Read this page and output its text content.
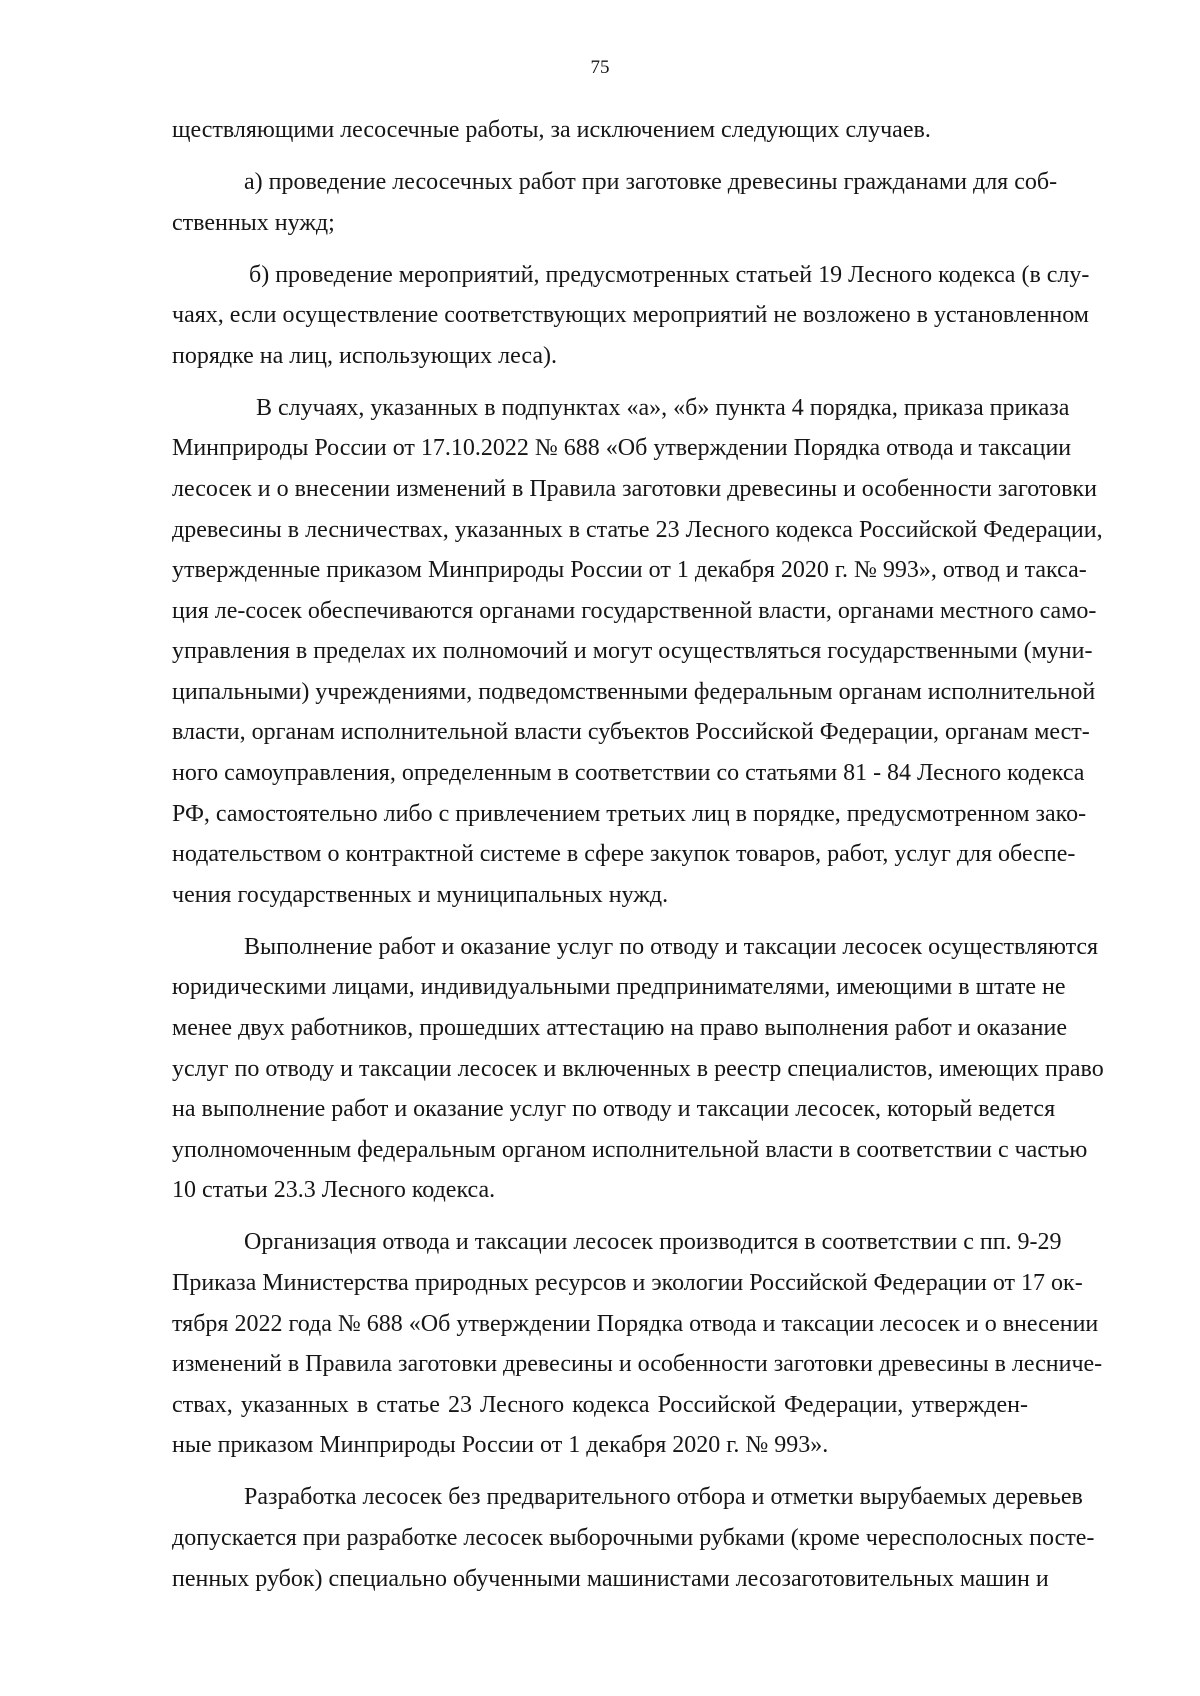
75
ществляющими лесосечные работы, за исключением следующих случаев.
а) проведение лесосечных работ при заготовке древесины гражданами для соб-
ственных нужд;
б) проведение мероприятий, предусмотренных статьей 19 Лесного кодекса (в слу-
чаях, если осуществление соответствующих мероприятий не возложено в установленном
порядке на лиц, использующих леса).
В случаях, указанных в подпунктах «а», «б» пункта 4 порядка, приказа приказа
Минприроды России от 17.10.2022 № 688 «Об утверждении Порядка отвода и таксации
лесосек и о внесении изменений в Правила заготовки древесины и особенности заготовки
древесины в лесничествах, указанных в статье 23 Лесного кодекса Российской Федерации,
утвержденные приказом Минприроды России от 1 декабря 2020 г. № 993», отвод и такса-
ция ле-сосек обеспечиваются органами государственной власти, органами местного само-
управления в пределах их полномочий и могут осуществляться государственными (муни-
ципальными) учреждениями, подведомственными федеральным органам исполнительной
власти, органам исполнительной власти субъектов Российской Федерации, органам мест-
ного самоуправления, определенным в соответствии со статьями 81 - 84 Лесного кодекса
РФ, самостоятельно либо с привлечением третьих лиц в порядке, предусмотренном зако-
нодательством о контрактной системе в сфере закупок товаров, работ, услуг для обеспе-
чения государственных и муниципальных нужд.
Выполнение работ и оказание услуг по отводу и таксации лесосек осуществляются
юридическими лицами, индивидуальными предпринимателями, имеющими в штате не
менее двух работников, прошедших аттестацию на право выполнения работ и оказание
услуг по отводу и таксации лесосек и включенных в реестр специалистов, имеющих право
на выполнение работ и оказание услуг по отводу и таксации лесосек, который ведется
уполномоченным федеральным органом исполнительной власти в соответствии с частью
10 статьи 23.3 Лесного кодекса.
Организация отвода и таксации лесосек производится в соответствии с пп. 9-29
Приказа Министерства природных ресурсов и экологии Российской Федерации от 17 ок-
тября 2022 года № 688 «Об утверждении Порядка отвода и таксации лесосек и о внесении
изменений в Правила заготовки древесины и особенности заготовки древесины в лесниче-
ствах, указанных в статье 23 Лесного кодекса Российской Федерации, утвержден-
ные приказом Минприроды России от 1 декабря 2020 г. № 993».
Разработка лесосек без предварительного отбора и отметки вырубаемых деревьев
допускается при разработке лесосек выборочными рубками (кроме чересполосных посте-
пенных рубок) специально обученными машинистами лесозаготовительных машин и
